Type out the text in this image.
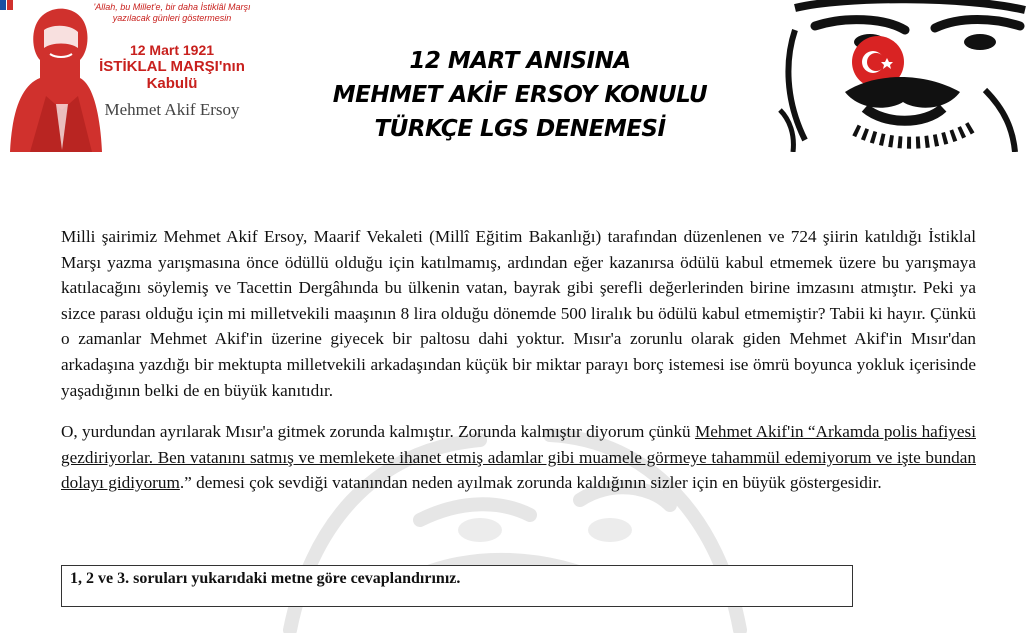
'Allah, bu Millet'e, bir daha İstiklâl Marşı yazılacak günleri göstermesin
12 Mart 1921
İSTİKLAL MARŞI'nın
Kabulü
Mehmet Akif Ersoy
12 MART ANISINA
MEHMET AKİF ERSOY KONULU
TÜRKÇE LGS DENEMESİ

Milli şairimiz Mehmet Akif Ersoy, Maarif Vekaleti (Millî Eğitim Bakanlığı) tarafından düzenlenen ve 724 şiirin katıldığı İstiklal Marşı yazma yarışmasına önce ödüllü olduğu için katılmamış, ardından eğer kazanırsa ödülü kabul etmemek üzere bu yarışmaya katılacağını söylemiş ve Tacettin Dergâhında bu ülkenin vatan, bayrak gibi şerefli değerlerinden birine imzasını atmıştır. Peki ya sizce parası olduğu için mi milletvekili maaşının 8 lira olduğu dönemde 500 liralık bu ödülü kabul etmemiştir? Tabii ki hayır. Çünkü o zamanlar Mehmet Akif'in üzerine giyecek bir paltosu dahi yoktur. Mısır'a zorunlu olarak giden Mehmet Akif'in Mısır'dan arkadaşına yazdığı bir mektupta milletvekili arkadaşından küçük bir miktar parayı borç istemesi ise ömrü boyunca yokluk içerisinde yaşadığının belki de en büyük kanıtıdır.

O, yurdundan ayrılarak Mısır'a gitmek zorunda kalmıştır. Zorunda kalmıştır diyorum çünkü Mehmet Akif'in “Arkamda polis hafiyesi gezdiriyorlar. Ben vatanını satmış ve memlekete ihanet etmiş adamlar gibi muamele görmeye tahammül edemiyorum ve işte bundan dolayı gidiyorum.” demesi çok sevdiği vatanından neden ayılmak zorunda kaldığının sizler için en büyük göstergesidir.

1, 2 ve 3. soruları yukarıdaki metne göre cevaplandırınız.
